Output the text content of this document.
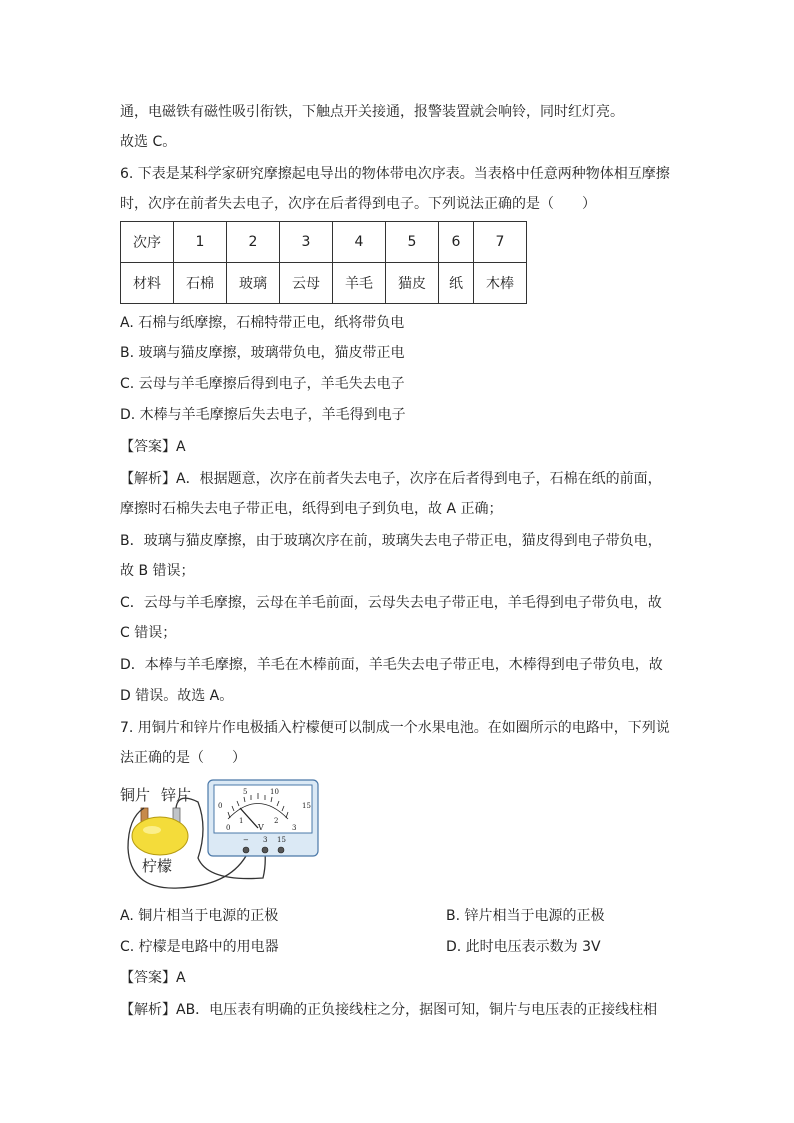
通，电磁铁有磁性吸引衔铁，下触点开关接通，报警装置就会响铃，同时红灯亮。
故选 C。
6. 下表是某科学家研究摩擦起电导出的物体带电次序表。当表格中任意两种物体相互摩擦
时，次序在前者失去电子，次序在后者得到电子。下列说法正确的是（　　）
次序	1	2	3	4	5	6	7
材料	石棉	玻璃	云母	羊毛	猫皮	纸	木棒
A. 石棉与纸摩擦，石棉特带正电，纸将带负电
B. 玻璃与猫皮摩擦，玻璃带负电，猫皮带正电
C. 云母与羊毛摩擦后得到电子，羊毛失去电子
D. 木棒与羊毛摩擦后失去电子，羊毛得到电子
【答案】A
【解析】A．根据题意，次序在前者失去电子，次序在后者得到电子，石棉在纸的前面，
摩擦时石棉失去电子带正电，纸得到电子到负电，故 A 正确；
B．玻璃与猫皮摩擦，由于玻璃次序在前，玻璃失去电子带正电，猫皮得到电子带负电，
故 B 错误；
C．云母与羊毛摩擦，云母在羊毛前面，云母失去电子带正电，羊毛得到电子带负电，故
C 错误；
D．本棒与羊毛摩擦，羊毛在木棒前面，羊毛失去电子带正电，木棒得到电子带负电，故
D 错误。故选 A。
7. 用铜片和锌片作电极插入柠檬便可以制成一个水果电池。在如圈所示的电路中，下列说
法正确的是（　　）
铜片 锌片
柠檬
0
5	10
15
0
1	2
3
V
− 3 15
A. 铜片相当于电源的正极	B. 锌片相当于电源的正极
C. 柠檬是电路中的用电器	D. 此时电压表示数为 3V
【答案】A
【解析】AB．电压表有明确的正负接线柱之分，据图可知，铜片与电压表的正接线柱相
